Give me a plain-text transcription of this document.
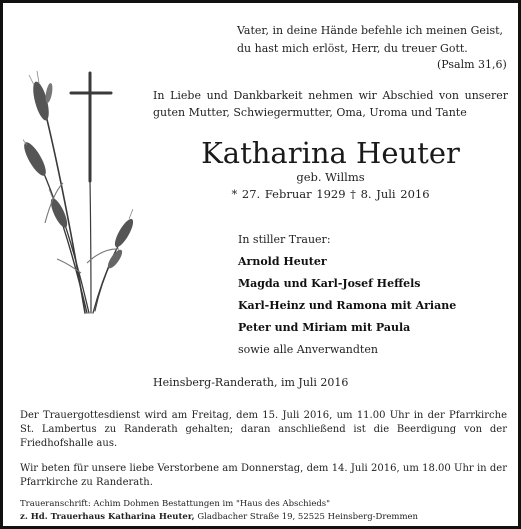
Vater, in deine Hände befehle ich meinen Geist,
du hast mich erlöst, Herr, du treuer Gott.
(Psalm 31,6)
In Liebe und Dankbarkeit nehmen wir Abschied von unserer guten Mutter, Schwiegermutter, Oma, Uroma und Tante
Katharina Heuter
geb. Willms
* 27. Februar 1929 † 8. Juli 2016
In stiller Trauer:
Arnold Heuter
Magda und Karl-Josef Heffels
Karl-Heinz und Ramona mit Ariane
Peter und Miriam mit Paula
sowie alle Anverwandten
Heinsberg-Randerath, im Juli 2016
Der Trauergottesdienst wird am Freitag, dem 15. Juli 2016, um 11.00 Uhr in der Pfarrkirche St. Lambertus zu Randerath gehalten; daran anschließend ist die Beerdigung von der Friedhofshalle aus.
Wir beten für unsere liebe Verstorbene am Donnerstag, dem 14. Juli 2016, um 18.00 Uhr in der Pfarrkirche zu Randerath.
Traueranschrift: Achim Dohmen Bestattungen im "Haus des Abschieds"
z. Hd. Trauerhaus Katharina Heuter, Gladbacher Straße 19, 52525 Heinsberg-Dremmen
